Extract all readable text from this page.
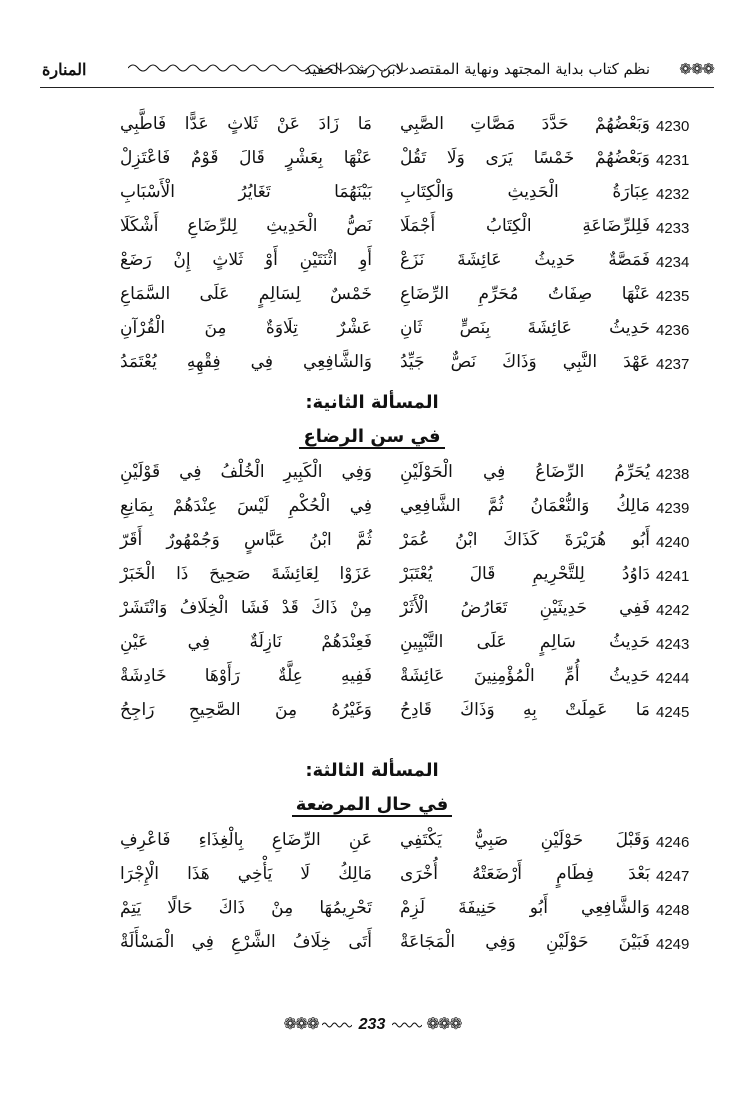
❁❁❁
نظم كتاب بداية المجتهد ونهاية المقتصد لابن رشد الحفيد
المنارة
4230
وَبَعْضُهُمْ حَدَّدَ مَصَّاتِ الصَّبِي
مَا زَادَ عَنْ ثَلاثٍ عَدًّا فَاطَّبِي
4231
وَبَعْضُهُمْ خَمْسًا يَرَى وَلَا تَقُلْ
عَنْهَا بِعَشْرٍ قَالَ قَوْمٌ فَاعْتَزِلْ
4232
عِبَارَةُ الْحَدِيثِ وَالْكِتَابِ
بَيْنَهُمَا تَغَايُرُ الْأَسْبَابِ
4233
فَلِلرِّضَاعَةِ الْكِتَابُ أَجْمَلَا
نَصُّ الْحَدِيثِ لِلرِّضَاعِ أَشْكَلَا
4234
فَمَصَّةٌ حَدِيثُ عَائِشَةَ نَزَعْ
أَوِ اثْنَتَيْنِ أَوْ ثَلاثٍ إِنْ رَضَعْ
4235
عَنْهَا صِفَاتُ مُحَرِّمِ الرِّضَاعِ
خَمْسٌ لِسَالِمٍ عَلَى السَّمَاعِ
4236
حَدِيثُ عَائِشَةَ بِنَصٍّ ثَانِ
عَشْرٌ تِلَاوَةٌ مِنَ الْقُرْآنِ
4237
عَهْدَ النَّبِي وَذَاكَ نَصٌّ جَيِّدُ
وَالشَّافِعِي فِي فِقْهِهِ يُعْتَمَدُ
المسألة الثانية:
في سن الرضاع
4238
يُحَرِّمُ الرِّضَاعُ فِي الْحَوْلَيْنِ
وَفِي الْكَبِيرِ الْخُلْفُ فِي قَوْلَيْنِ
4239
مَالِكُ وَالنُّعْمَانُ ثُمَّ الشَّافِعِي
فِي الْحُكْمِ لَيْسَ عِنْدَهُمْ بِمَانِعِ
4240
أَبُو هُرَيْرَةَ كَذَاكَ ابْنُ عُمَرْ
ثُمَّ ابْنُ عَبَّاسٍ وَجُمْهُورٌ أَقَرّ
4241
دَاوُدُ لِلتَّحْرِيمِ قَالَ يُعْتَبَرْ
عَزَوْا لِعَائِشَةَ صَحِيحَ ذَا الْخَبَرْ
4242
فَفِي حَدِيثَيْنِ تَعَارُضُ الْأَثَرْ
مِنْ ذَاكَ قَدْ فَشَا الْخِلَافُ وَانْتَشَرْ
4243
حَدِيثُ سَالِمٍ عَلَى التَّبْيِينِ
فَعِنْدَهُمْ نَازِلَةٌ فِي عَيْنِ
4244
حَدِيثُ أُمِّ الْمُؤْمِنِينَ عَائِشَةْ
فَفِيهِ عِلَّةٌ رَأَوْهَا خَادِشَةْ
4245
مَا عَمِلَتْ بِهِ وَذَاكَ قَادِحُ
وَغَيْرُهُ مِنَ الصَّحِيحِ رَاجِحُ
المسألة الثالثة:
في حال المرضعة
4246
وَقَبْلَ حَوْلَيْنِ صَبِيٌّ يَكْتَفِي
عَنِ الرِّضَاعِ بِالْغِذَاءِ فَاعْرِفِ
4247
بَعْدَ فِطَامٍ أَرْضَعَتْهُ أُخْرَى
مَالِكُ لَا يَأْخِي هَذَا الْإِجْرَا
4248
وَالشَّافِعِي أَبُو حَنِيفَةَ لَزِمْ
تَحْرِيمُهَا مِنْ ذَاكَ حَالًا يَتِمْ
4249
فَبَيْنَ حَوْلَيْنِ وَفِي الْمَجَاعَةْ
أَتَى خِلَافُ الشَّرْعِ فِي الْمَسْأَلَةْ
❁❁❁	233	❁❁❁
